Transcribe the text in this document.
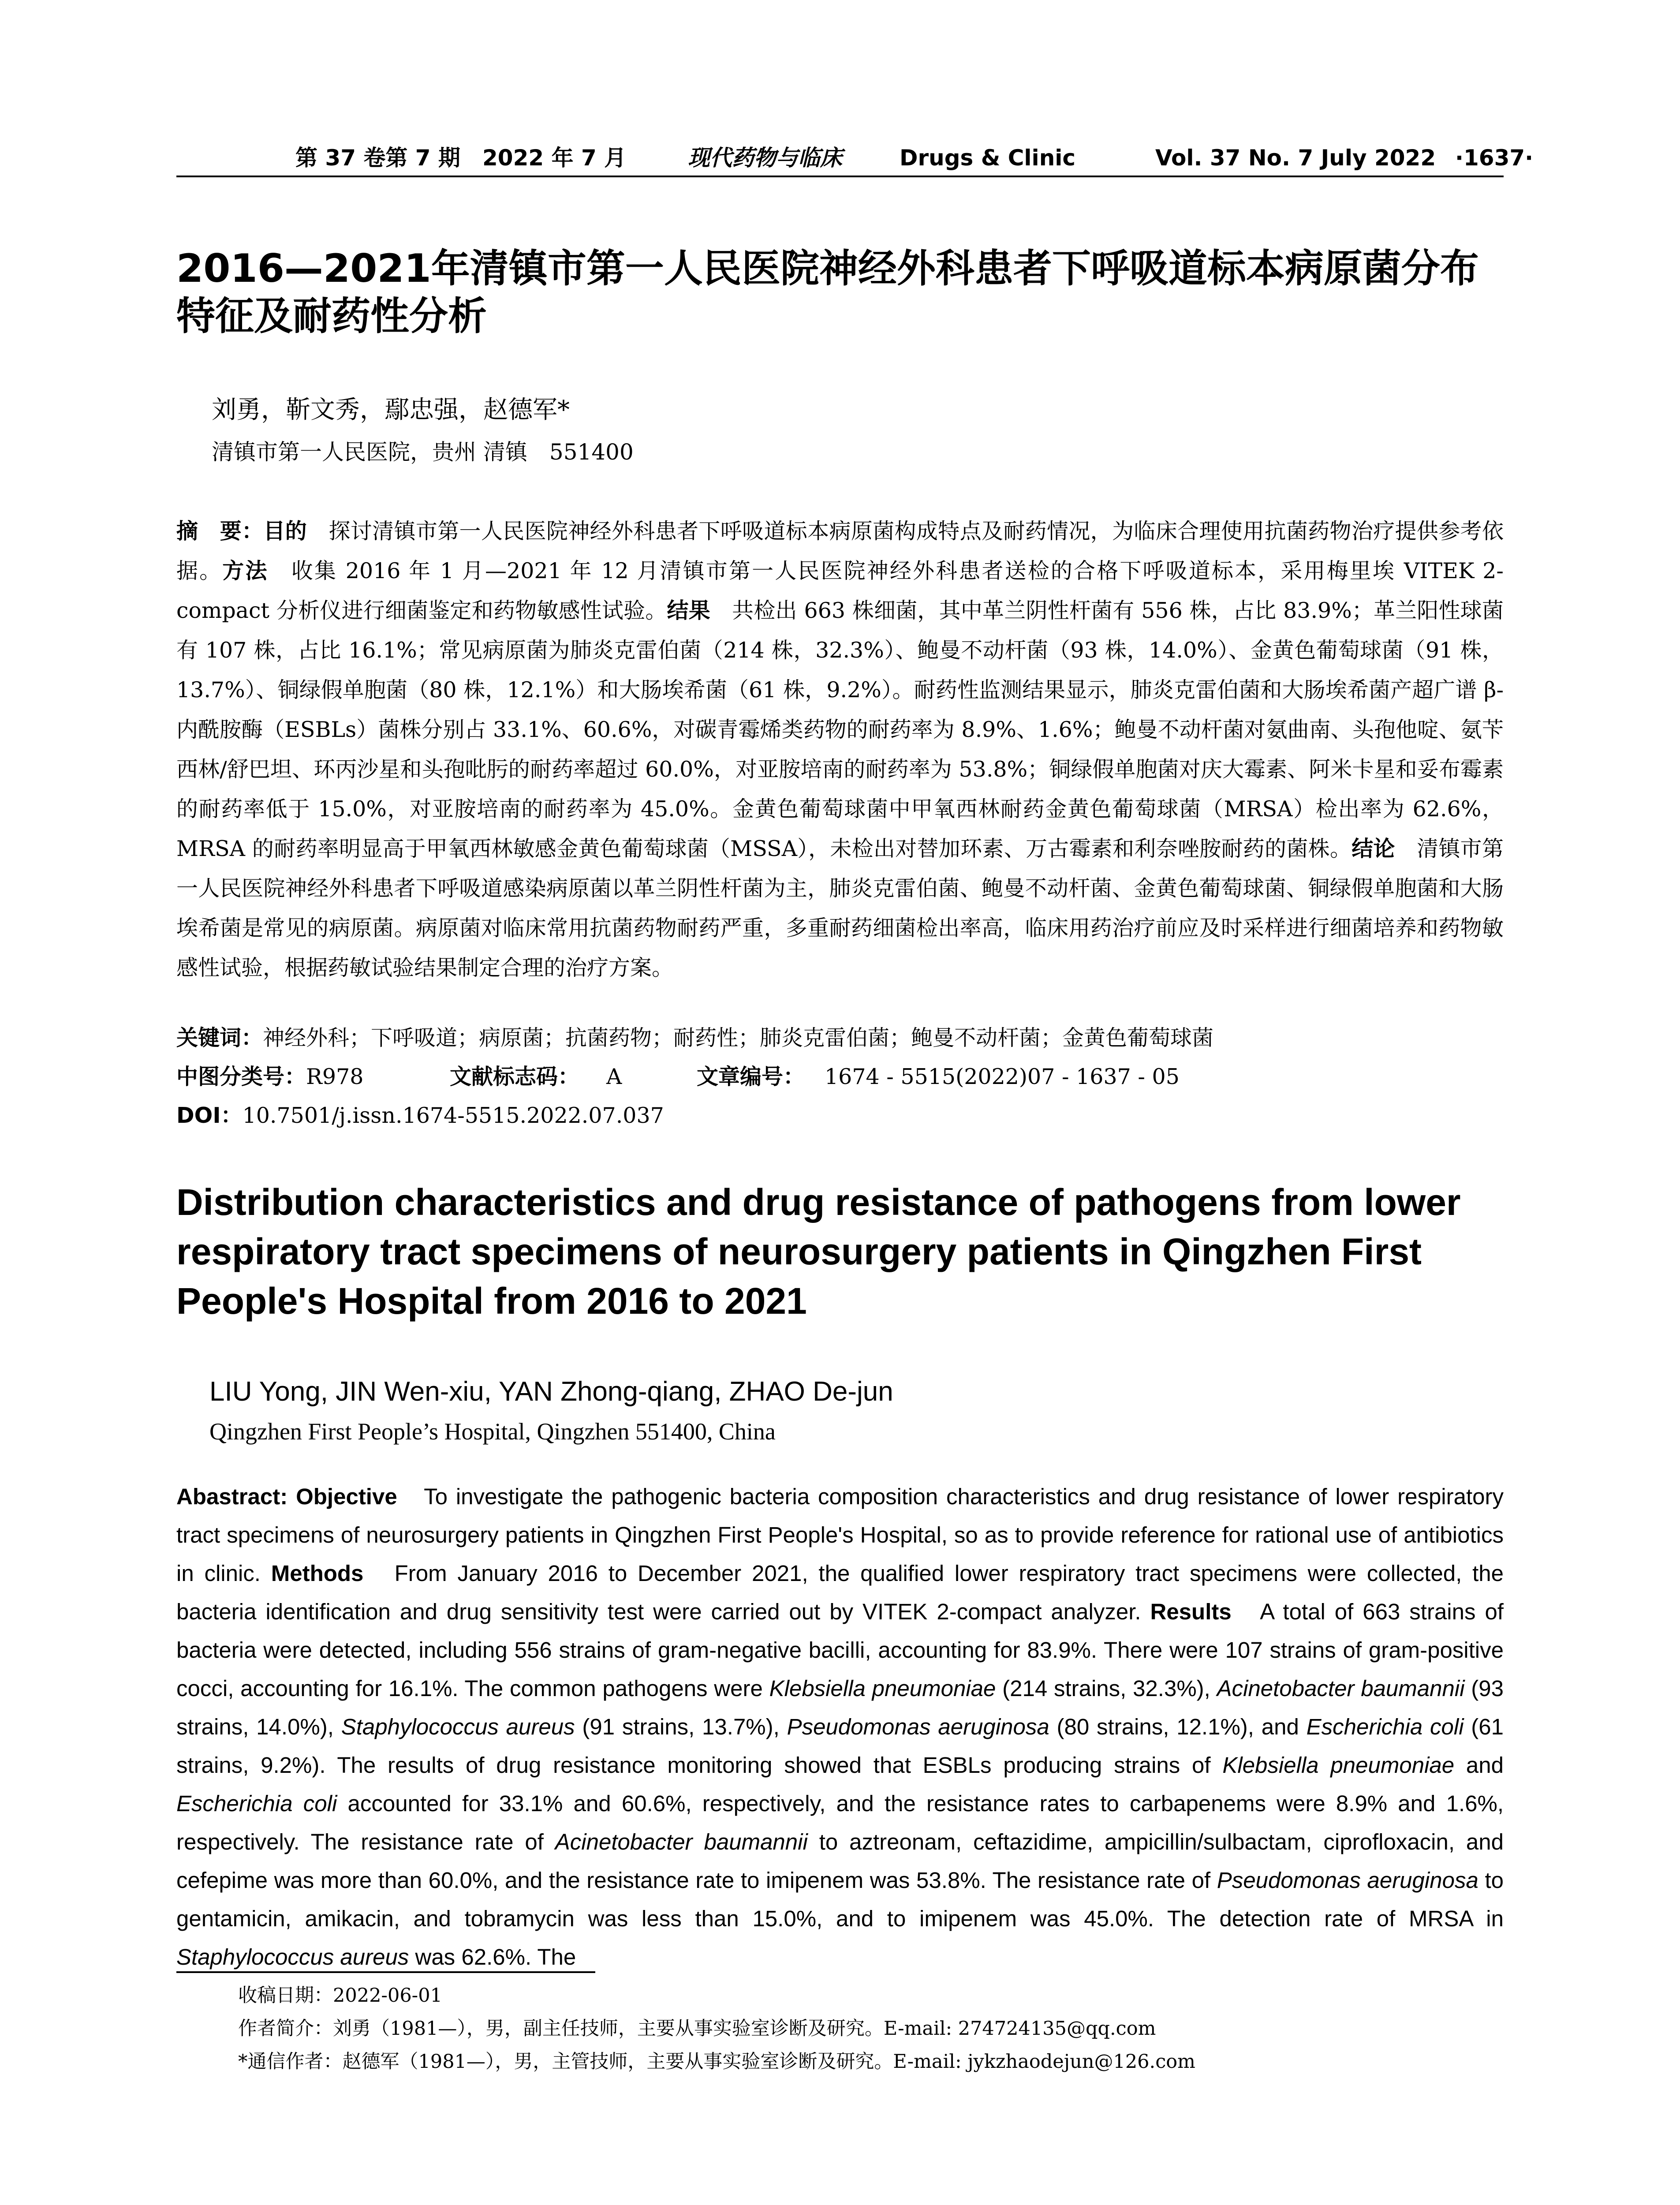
第 37 卷第 7 期　2022 年 7 月	现代药物与临床	Drugs & Clinic	Vol. 37 No. 7 July 2022 ·1637·
2016—2021年清镇市第一人民医院神经外科患者下呼吸道标本病原菌分布特征及耐药性分析
刘勇，靳文秀，鄢忠强，赵德军*
清镇市第一人民医院，贵州 清镇　551400
摘　要：目的　探讨清镇市第一人民医院神经外科患者下呼吸道标本病原菌构成特点及耐药情况，为临床合理使用抗菌药物治疗提供参考依据。方法　收集 2016 年 1 月—2021 年 12 月清镇市第一人民医院神经外科患者送检的合格下呼吸道标本，采用梅里埃 VITEK 2-compact 分析仪进行细菌鉴定和药物敏感性试验。结果　共检出 663 株细菌，其中革兰阴性杆菌有 556 株，占比 83.9%；革兰阳性球菌有 107 株，占比 16.1%；常见病原菌为肺炎克雷伯菌（214 株，32.3%）、鲍曼不动杆菌（93 株，14.0%）、金黄色葡萄球菌（91 株，13.7%）、铜绿假单胞菌（80 株，12.1%）和大肠埃希菌（61 株，9.2%）。耐药性监测结果显示，肺炎克雷伯菌和大肠埃希菌产超广谱 β-内酰胺酶（ESBLs）菌株分别占 33.1%、60.6%，对碳青霉烯类药物的耐药率为 8.9%、1.6%；鲍曼不动杆菌对氨曲南、头孢他啶、氨苄西林/舒巴坦、环丙沙星和头孢吡肟的耐药率超过 60.0%，对亚胺培南的耐药率为 53.8%；铜绿假单胞菌对庆大霉素、阿米卡星和妥布霉素的耐药率低于 15.0%，对亚胺培南的耐药率为 45.0%。金黄色葡萄球菌中甲氧西林耐药金黄色葡萄球菌（MRSA）检出率为 62.6%，MRSA 的耐药率明显高于甲氧西林敏感金黄色葡萄球菌（MSSA），未检出对替加环素、万古霉素和利奈唑胺耐药的菌株。结论　清镇市第一人民医院神经外科患者下呼吸道感染病原菌以革兰阴性杆菌为主，肺炎克雷伯菌、鲍曼不动杆菌、金黄色葡萄球菌、铜绿假单胞菌和大肠埃希菌是常见的病原菌。病原菌对临床常用抗菌药物耐药严重，多重耐药细菌检出率高，临床用药治疗前应及时采样进行细菌培养和药物敏感性试验，根据药敏试验结果制定合理的治疗方案。
关键词：神经外科；下呼吸道；病原菌；抗菌药物；耐药性；肺炎克雷伯菌；鲍曼不动杆菌；金黄色葡萄球菌
中图分类号：R978	文献标志码： A	文章编号： 1674 - 5515(2022)07 - 1637 - 05
DOI：10.7501/j.issn.1674-5515.2022.07.037
Distribution characteristics and drug resistance of pathogens from lower respiratory tract specimens of neurosurgery patients in Qingzhen First People's Hospital from 2016 to 2021
LIU Yong, JIN Wen-xiu, YAN Zhong-qiang, ZHAO De-jun
Qingzhen First People’s Hospital, Qingzhen 551400, China
Abastract: Objective　To investigate the pathogenic bacteria composition characteristics and drug resistance of lower respiratory tract specimens of neurosurgery patients in Qingzhen First People's Hospital, so as to provide reference for rational use of antibiotics in clinic. Methods　From January 2016 to December 2021, the qualified lower respiratory tract specimens were collected, the bacteria identification and drug sensitivity test were carried out by VITEK 2-compact analyzer. Results　A total of 663 strains of bacteria were detected, including 556 strains of gram-negative bacilli, accounting for 83.9%. There were 107 strains of gram-positive cocci, accounting for 16.1%. The common pathogens were Klebsiella pneumoniae (214 strains, 32.3%), Acinetobacter baumannii (93 strains, 14.0%), Staphylococcus aureus (91 strains, 13.7%), Pseudomonas aeruginosa (80 strains, 12.1%), and Escherichia coli (61 strains, 9.2%). The results of drug resistance monitoring showed that ESBLs producing strains of Klebsiella pneumoniae and Escherichia coli accounted for 33.1% and 60.6%, respectively, and the resistance rates to carbapenems were 8.9% and 1.6%, respectively. The resistance rate of Acinetobacter baumannii to aztreonam, ceftazidime, ampicillin/sulbactam, ciprofloxacin, and cefepime was more than 60.0%, and the resistance rate to imipenem was 53.8%. The resistance rate of Pseudomonas aeruginosa to gentamicin, amikacin, and tobramycin was less than 15.0%, and to imipenem was 45.0%. The detection rate of MRSA in Staphylococcus aureus was 62.6%. The
收稿日期：2022-06-01
作者简介：刘勇（1981—），男，副主任技师，主要从事实验室诊断及研究。E-mail: 274724135@qq.com
*通信作者：赵德军（1981—），男，主管技师，主要从事实验室诊断及研究。E-mail: jykzhaodejun@126.com
